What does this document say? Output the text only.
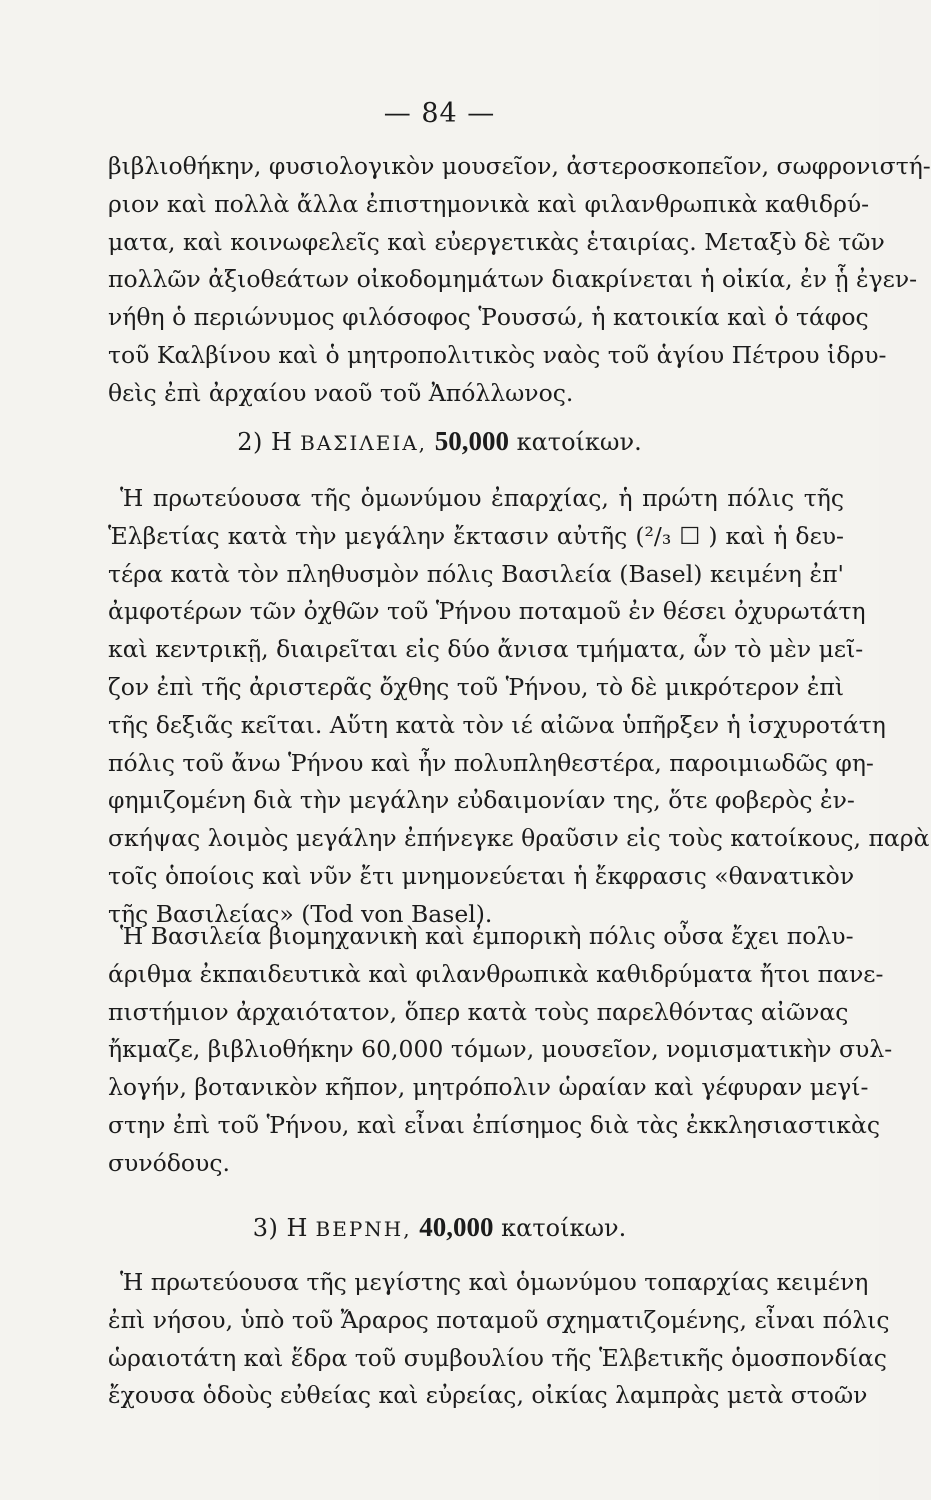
— 84 —
βιβλιοθήκην, φυσιολογικὸν μουσεῖον, ἀστεροσκοπεῖον, σωφρονιστή-
ριον καὶ πολλὰ ἄλλα ἐπιστημονικὰ καὶ φιλανθρωπικὰ καθιδρύ-
ματα, καὶ κοινωφελεῖς καὶ εὐεργετικὰς ἑταιρίας. Μεταξὺ δὲ τῶν
πολλῶν ἀξιοθεάτων οἰκοδομημάτων διακρίνεται ἡ οἰκία, ἐν ᾗ ἐγεν-
νήθη ὁ περιώνυμος φιλόσοφος Ῥουσσώ, ἡ κατοικία καὶ ὁ τάφος
τοῦ Καλβίνου καὶ ὁ μητροπολιτικὸς ναὸς τοῦ ἁγίου Πέτρου ἱδρυ-
θεὶς ἐπὶ ἀρχαίου ναοῦ τοῦ Ἀπόλλωνος.
2) Η ΒΑΣΙΛΕΙΑ, 50,000 κατοίκων.
Ἡ πρωτεύουσα τῆς ὁμωνύμου ἐπαρχίας, ἡ πρώτη πόλις τῆς
Ἑλβετίας κατὰ τὴν μεγάλην ἔκτασιν αὐτῆς (²/₃ ☐ ) καὶ ἡ δευ-
τέρα κατὰ τὸν πληθυσμὸν πόλις Βασιλεία (Basel) κειμένη ἐπ'
ἀμφοτέρων τῶν ὀχθῶν τοῦ Ῥήνου ποταμοῦ ἐν θέσει ὀχυρωτάτη
καὶ κεντρικῇ, διαιρεῖται εἰς δύο ἄνισα τμήματα, ὧν τὸ μὲν μεῖ-
ζον ἐπὶ τῆς ἀριστερᾶς ὄχθης τοῦ Ῥήνου, τὸ δὲ μικρότερον ἐπὶ
τῆς δεξιᾶς κεῖται. Αὕτη κατὰ τὸν ιέ αἰῶνα ὑπῆρξεν ἡ ἰσχυροτάτη
πόλις τοῦ ἄνω Ῥήνου καὶ ἦν πολυπληθεστέρα, παροιμιωδῶς φη-
φημιζομένη διὰ τὴν μεγάλην εὐδαιμονίαν της, ὅτε φοβερὸς ἐν-
σκήψας λοιμὸς μεγάλην ἐπήνεγκε θραῦσιν εἰς τοὺς κατοίκους, παρὰ
τοῖς ὁποίοις καὶ νῦν ἔτι μνημονεύεται ἡ ἔκφρασις «θανατικὸν
τῆς Βασιλείας» (Tod von Basel).
Ἡ Βασιλεία βιομηχανικὴ καὶ ἐμπορικὴ πόλις οὖσα ἔχει πολυ-
άριθμα ἐκπαιδευτικὰ καὶ φιλανθρωπικὰ καθιδρύματα ἤτοι πανε-
πιστήμιον ἀρχαιότατον, ὅπερ κατὰ τοὺς παρελθόντας αἰῶνας
ἤκμαζε, βιβλιοθήκην 60,000 τόμων, μουσεῖον, νομισματικὴν συλ-
λογήν, βοτανικὸν κῆπον, μητρόπολιν ὡραίαν καὶ γέφυραν μεγί-
στην ἐπὶ τοῦ Ῥήνου, καὶ εἶναι ἐπίσημος διὰ τὰς ἐκκλησιαστικὰς
συνόδους.
3) Η ΒΕΡΝΗ, 40,000 κατοίκων.
Ἡ πρωτεύουσα τῆς μεγίστης καὶ ὁμωνύμου τοπαρχίας κειμένη
ἐπὶ νήσου, ὑπὸ τοῦ Ἄραρος ποταμοῦ σχηματιζομένης, εἶναι πόλις
ὡραιοτάτη καὶ ἕδρα τοῦ συμβουλίου τῆς Ἑλβετικῆς ὁμοσπονδίας
ἔχουσα ὁδοὺς εὐθείας καὶ εὐρείας, οἰκίας λαμπρὰς μετὰ στοῶν
